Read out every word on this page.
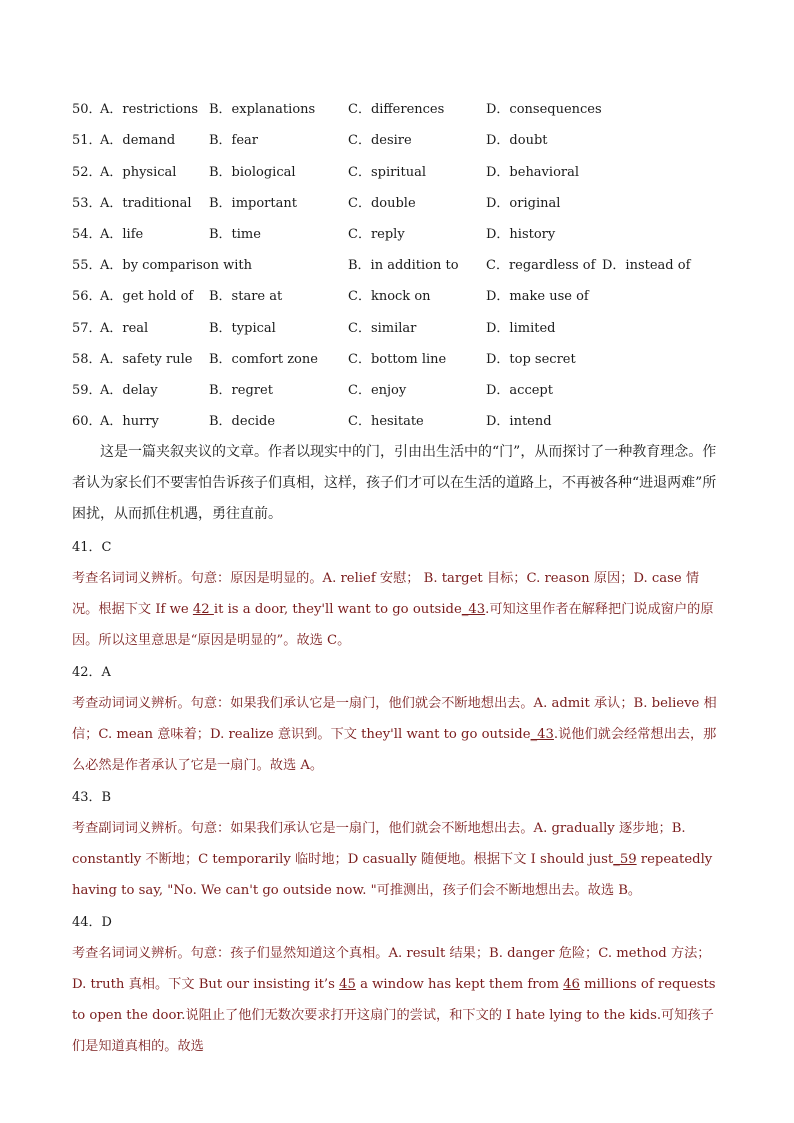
50．
A．restrictions B．explanations	C．differences	D．consequences
51．
A．demand	B．fear	C．desire	D．doubt
52．
A．physical	B．biological	C．spiritual	D．behavioral
53．
A．traditional B．important	C．double	D．original
54．
A．life	B．time	C．reply	D．history
55．
A．by comparison with	B．in addition to C．regardless of D．instead of
56．
A．get hold of B．stare at	C．knock on	D．make use of
57．
A．real	B．typical	C．similar	D．limited
58．
A．safety rule B．comfort zone C．bottom line	D．top secret
59．
A．delay	B．regret	C．enjoy	D．accept
60．
A．hurry	B．decide	C．hesitate	D．intend

这是一篇夹叙夹议的文章。作者以现实中的门，引由出生活中的“门”，从而探讨了一种教育理念。作者认为家长们不要害怕告诉孩子们真相，这样，孩子们才可以在生活的道路上，不再被各种“进退两难”所困扰，从而抓住机遇，勇往直前。

41．C

考查名词词义辨析。句意：原因是明显的。A. relief 安慰； B. target 目标；C. reason 原因；D. case 情况。根据下文 If we 42 it is a door, they'll want to go outside_43.可知这里作者在解释把门说成窗户的原因。所以这里意思是“原因是明显的”。故选 C。

42．A

考查动词词义辨析。句意：如果我们承认它是一扇门，他们就会不断地想出去。A. admit 承认；B. believe 相信；C. mean 意味着；D. realize 意识到。下文 they'll want to go outside_43.说他们就会经常想出去，那么必然是作者承认了它是一扇门。故选 A。

43．B

考查副词词义辨析。句意：如果我们承认它是一扇门，他们就会不断地想出去。A. gradually 逐步地；B. constantly 不断地；C temporarily 临时地；D casually 随便地。根据下文 I should just_59 repeatedly having to say, "No. We can't go outside now. "可推测出，孩子们会不断地想出去。故选 B。

44．D

考查名词词义辨析。句意：孩子们显然知道这个真相。A. result 结果；B. danger 危险；C. method 方法；D. truth 真相。下文 But our insisting it’s 45 a window has kept them from 46 millions of requests to open the door.说阻止了他们无数次要求打开这扇门的尝试，和下文的 I hate lying to the kids.可知孩子们是知道真相的。故选
